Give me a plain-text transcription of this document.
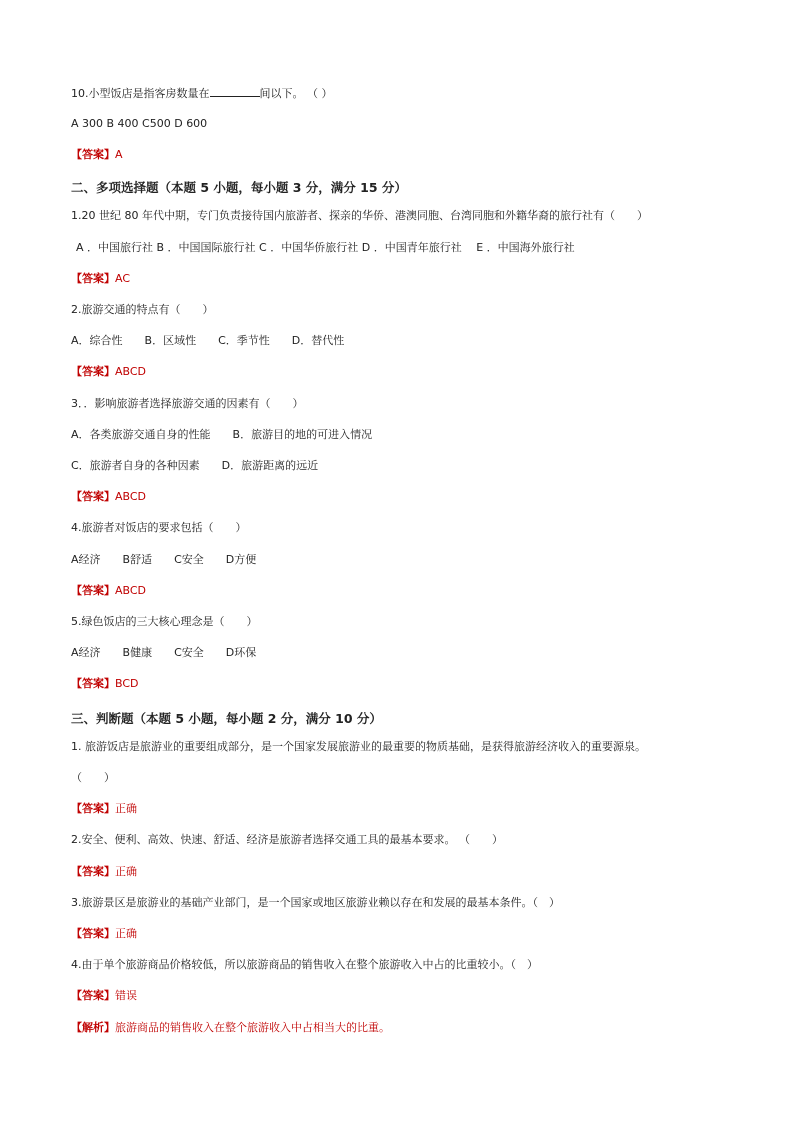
10.小型饭店是指客房数量在	间以下。 （ ）
A 300 B 400 C500 D 600
【答案】A
二、多项选择题（本题 5 小题，每小题 3 分，满分 15 分）
1.20 世纪 80 年代中期，专门负责接待国内旅游者、探亲的华侨、港澳同胞、台湾同胞和外籍华裔的旅行社有（　　）
A ．中国旅行社 B ．中国国际旅行社 C ．中国华侨旅行社 D ．中国青年旅行社　 E ．中国海外旅行社
【答案】AC
2.旅游交通的特点有（　　）
A．综合性　　B．区域性　　C．季节性　　D．替代性
【答案】ABCD
3．．影响旅游者选择旅游交通的因素有（　　）
A．各类旅游交通自身的性能　　B．旅游目的地的可进入情况
C．旅游者自身的各种因素　　D．旅游距离的远近
【答案】ABCD
4.旅游者对饭店的要求包括（　　）
A经济　　B舒适　　C安全　　D方便
【答案】ABCD
5.绿色饭店的三大核心理念是（　　）
A经济　　B健康　　C安全　　D环保
【答案】BCD
三、判断题（本题 5 小题，每小题 2 分，满分 10 分）
1. 旅游饭店是旅游业的重要组成部分，是一个国家发展旅游业的最重要的物质基础，是获得旅游经济收入的重要源泉。
（　　）
【答案】正确
2.安全、便利、高效、快速、舒适、经济是旅游者选择交通工具的最基本要求。 （　　）
【答案】正确
3.旅游景区是旅游业的基础产业部门，是一个国家或地区旅游业赖以存在和发展的最基本条件。（　）
【答案】正确
4.由于单个旅游商品价格较低，所以旅游商品的销售收入在整个旅游收入中占的比重较小。（　）
【答案】错误
【解析】旅游商品的销售收入在整个旅游收入中占相当大的比重。
